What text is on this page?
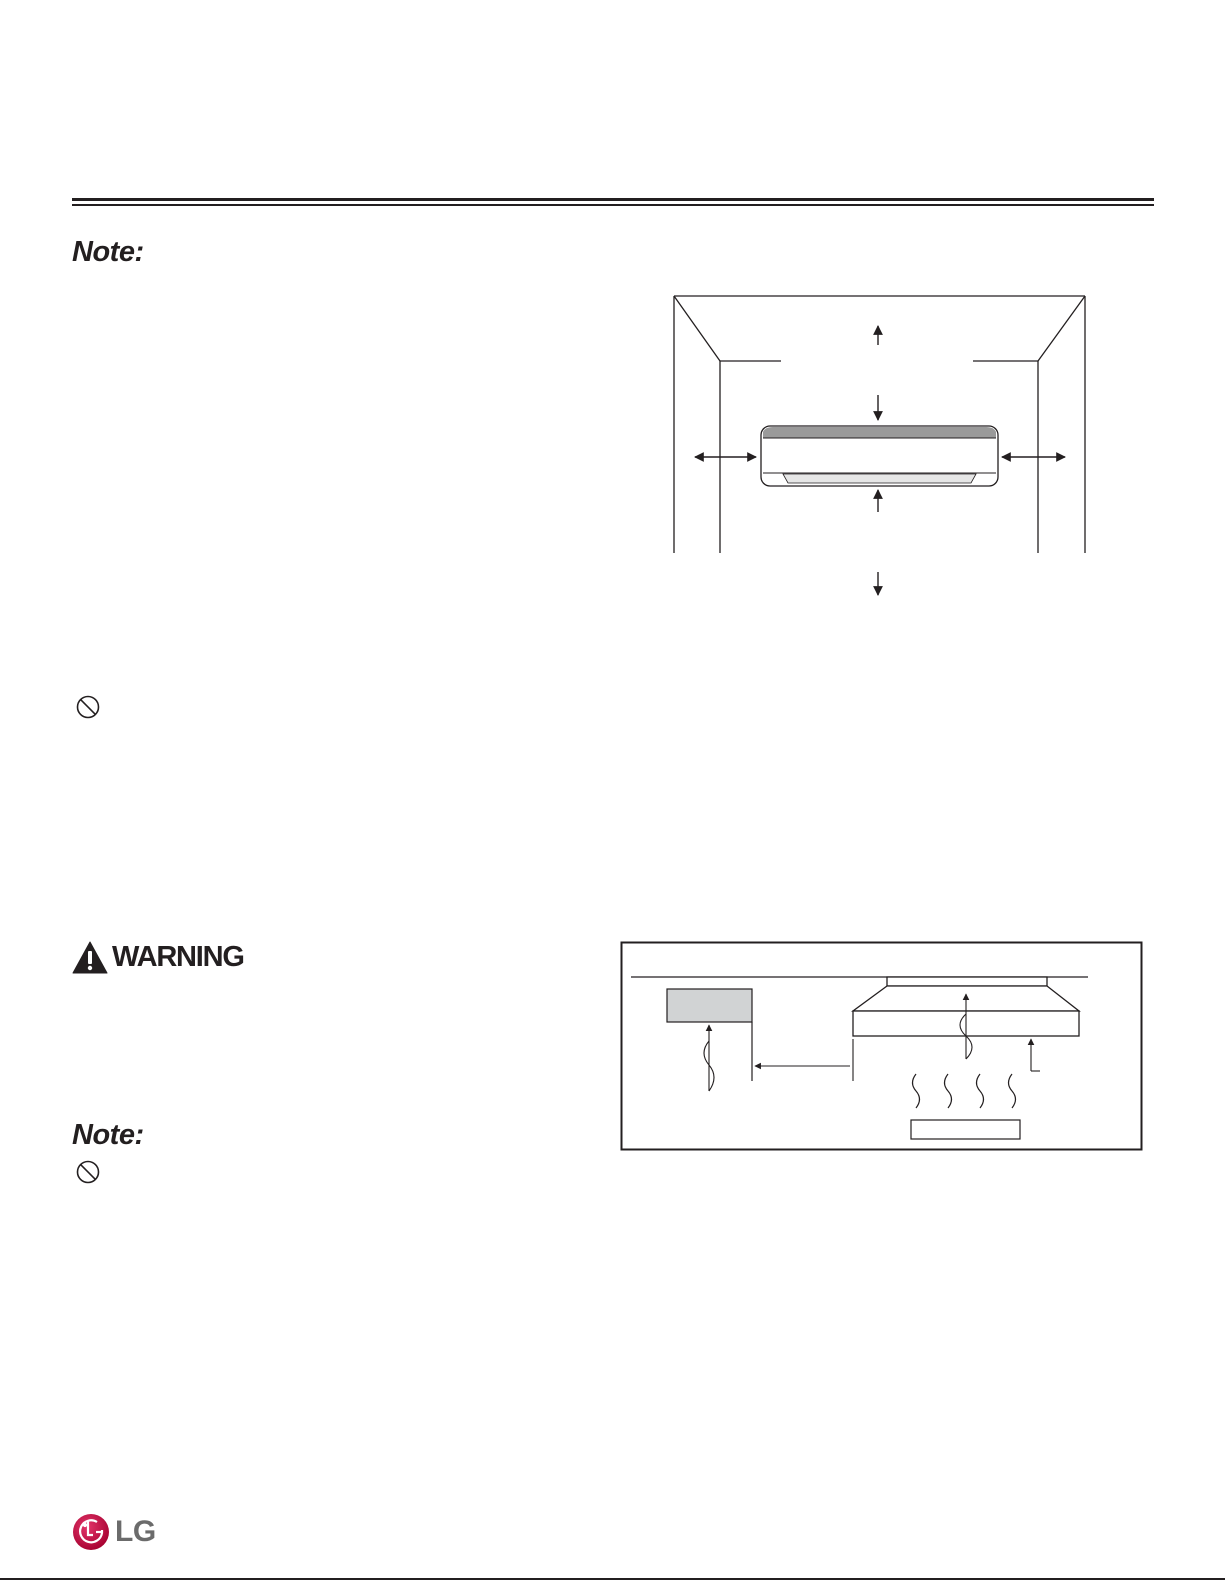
Note:
WARNING
Note:
LG
